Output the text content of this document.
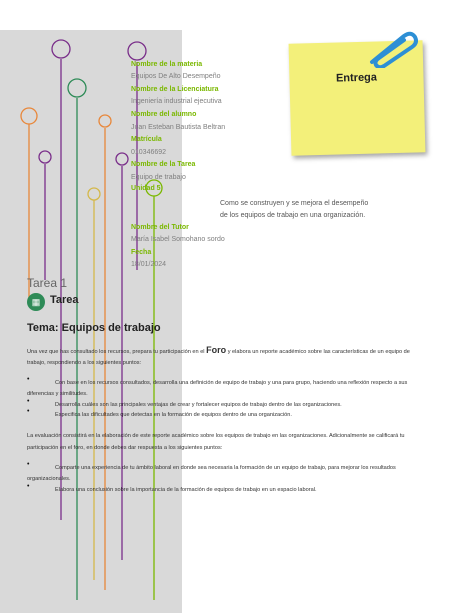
Nombre de la materia
Equipos De Alto Desempeño
Nombre de la Licenciatura
Ingeniería industrial ejecutiva
Nombre del alumno
Juan Esteban Bautista Beltran
Matrícula
010346692
Nombre de la Tarea
Equipo de trabajo
Unidad 5
Nombre del Tutor
María Isabel Somohano sordo
Fecha
18/01/2024
Entrega
Como se construyen y se mejora el desempeño
de los equipos de trabajo en una organización.
Tarea 1
▦ Tarea
Tema: Equipos de trabajo
Una vez que has consultado los recursos, prepara tu participación en el Foro y elabora un reporte académico sobre las características de un equipo de
trabajo, respondiendo a los siguientes puntos:
•	Con base en los recursos consultados, desarrolla una definición de equipo de trabajo y una para grupo, haciendo una reflexión respecto a sus
diferencias y similitudes.
•	Desarrolla cuáles son las principales ventajas de crear y fortalecer equipos de trabajo dentro de las organizaciones.
•	Especifica las dificultades que detectas en la formación de equipos dentro de una organización.
La evaluación consistirá en la elaboración de este reporte académico sobre los equipos de trabajo en las organizaciones. Adicionalmente se calificará tu
participación en el foro, en donde debes dar respuesta a los siguientes puntos:
•	Comparte una experiencia de tu ámbito laboral en donde sea necesaria la formación de un equipo de trabajo, para mejorar los resultados
organizacionales.
•	Elabora una conclusión sobre la importancia de la formación de equipos de trabajo en un espacio laboral.
